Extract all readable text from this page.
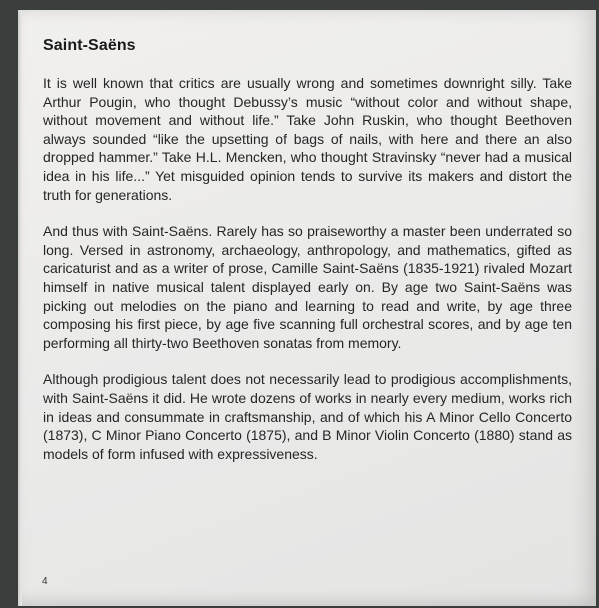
Saint-Saëns

It is well known that critics are usually wrong and sometimes downright silly. Take Arthur Pougin, who thought Debussy’s music “without color and without shape, without movement and without life.” Take John Ruskin, who thought Beethoven always sounded “like the upsetting of bags of nails, with here and there an also dropped hammer.” Take H.L. Mencken, who thought Stravinsky “never had a musical idea in his life...” Yet misguided opinion tends to survive its makers and distort the truth for generations.

And thus with Saint-Saëns. Rarely has so praiseworthy a master been underrated so long. Versed in astronomy, archaeology, anthropology, and mathematics, gifted as caricaturist and as a writer of prose, Camille Saint-Saëns (1835-1921) rivaled Mozart himself in native musical talent displayed early on. By age two Saint-Saëns was picking out melodies on the piano and learning to read and write, by age three composing his first piece, by age five scanning full orchestral scores, and by age ten performing all thirty-two Beethoven sonatas from memory.

Although prodigious talent does not necessarily lead to prodigious accomplishments, with Saint-Saëns it did. He wrote dozens of works in nearly every medium, works rich in ideas and consummate in craftsmanship, and of which his A Minor Cello Concerto (1873), C Minor Piano Concerto (1875), and B Minor Violin Concerto (1880) stand as models of form infused with expressiveness.

4
